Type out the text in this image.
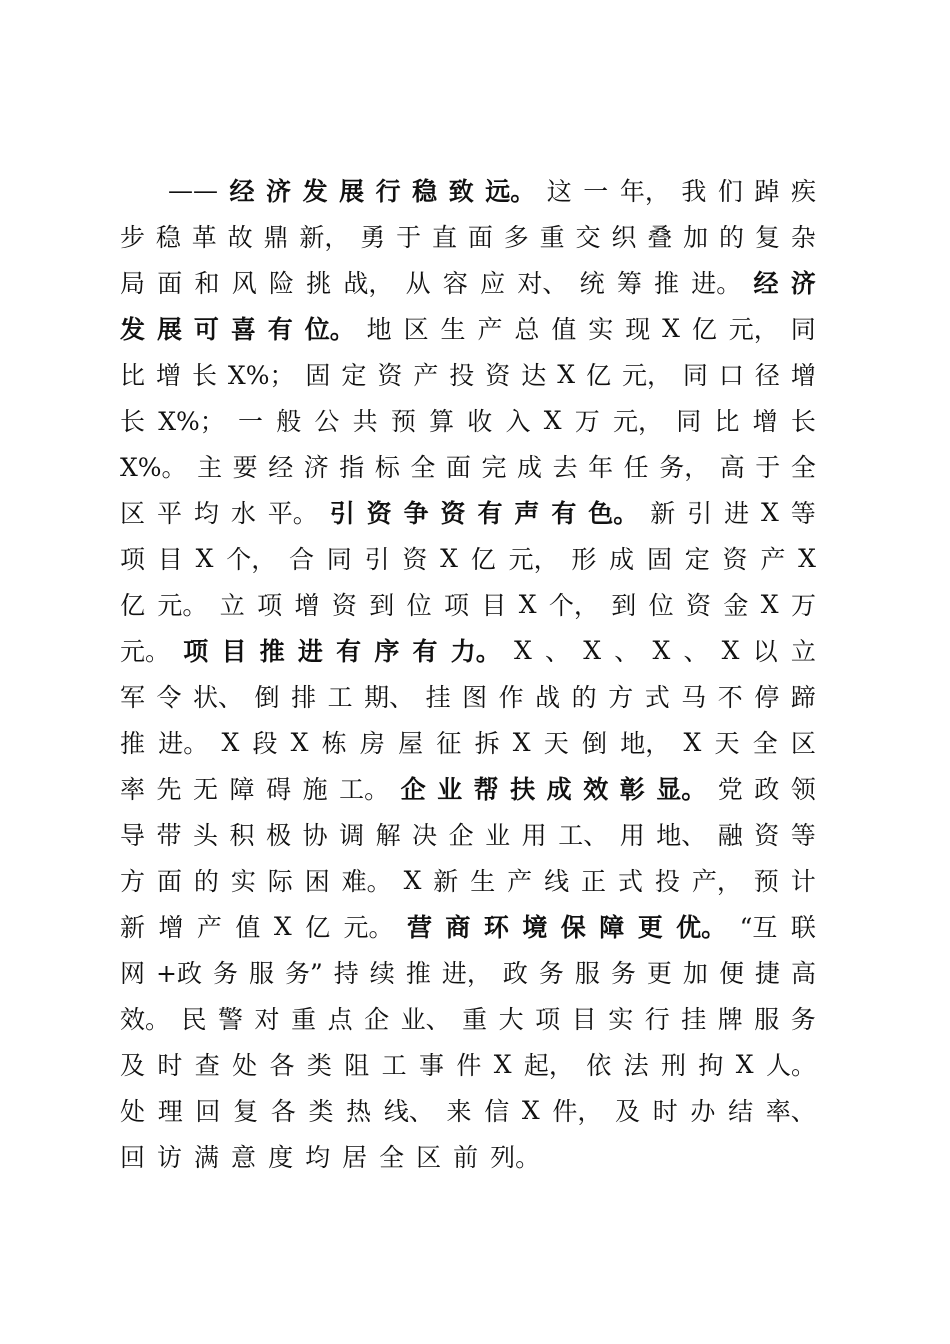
—— 经 济 发 展 行 稳 致 远。 这 一 年， 我 们 踔 疾
步 稳 革 故 鼎 新， 勇 于 直 面 多 重 交 织 叠 加 的 复 杂
局 面 和 风 险 挑 战， 从 容 应 对、 统 筹 推 进。 经 济
发 展 可 喜 有 位。 地 区 生 产 总 值 实 现 X 亿 元， 同
比 增 长 X%； 固 定 资 产 投 资 达 X 亿 元， 同 口 径 增
长 X%； 一 般 公 共 预 算 收 入 X 万 元， 同 比 增 长
X%。 主 要 经 济 指 标 全 面 完 成 去 年 任 务， 高 于 全
区 平 均 水 平。 引 资 争 资 有 声 有 色。 新 引 进 X 等
项 目 X 个， 合 同 引 资 X 亿 元， 形 成 固 定 资 产 X
亿 元。 立 项 增 资 到 位 项 目 X 个， 到 位 资 金 X 万
元。 项 目 推 进 有 序 有 力。 X 、 X 、 X 、 X 以 立
军 令 状、 倒 排 工 期、 挂 图 作 战 的 方 式 马 不 停 蹄
推 进。 X 段 X 栋 房 屋 征 拆 X 天 倒 地， X 天 全 区
率 先 无 障 碍 施 工。 企 业 帮 扶 成 效 彰 显。 党 政 领
导 带 头 积 极 协 调 解 决 企 业 用 工、 用 地、 融 资 等
方 面 的 实 际 困 难。 X 新 生 产 线 正 式 投 产， 预 计
新 增 产 值 X 亿 元。 营 商 环 境 保 障 更 优。 “互 联
网 +政 务 服 务” 持 续 推 进， 政 务 服 务 更 加 便 捷 高
效。 民 警 对 重 点 企 业、 重 大 项 目 实 行 挂 牌 服 务
及 时 查 处 各 类 阻 工 事 件 X 起， 依 法 刑 拘 X 人。
处 理 回 复 各 类 热 线、 来 信 X 件， 及 时 办 结 率、
回 访 满 意 度 均 居 全 区 前 列。
